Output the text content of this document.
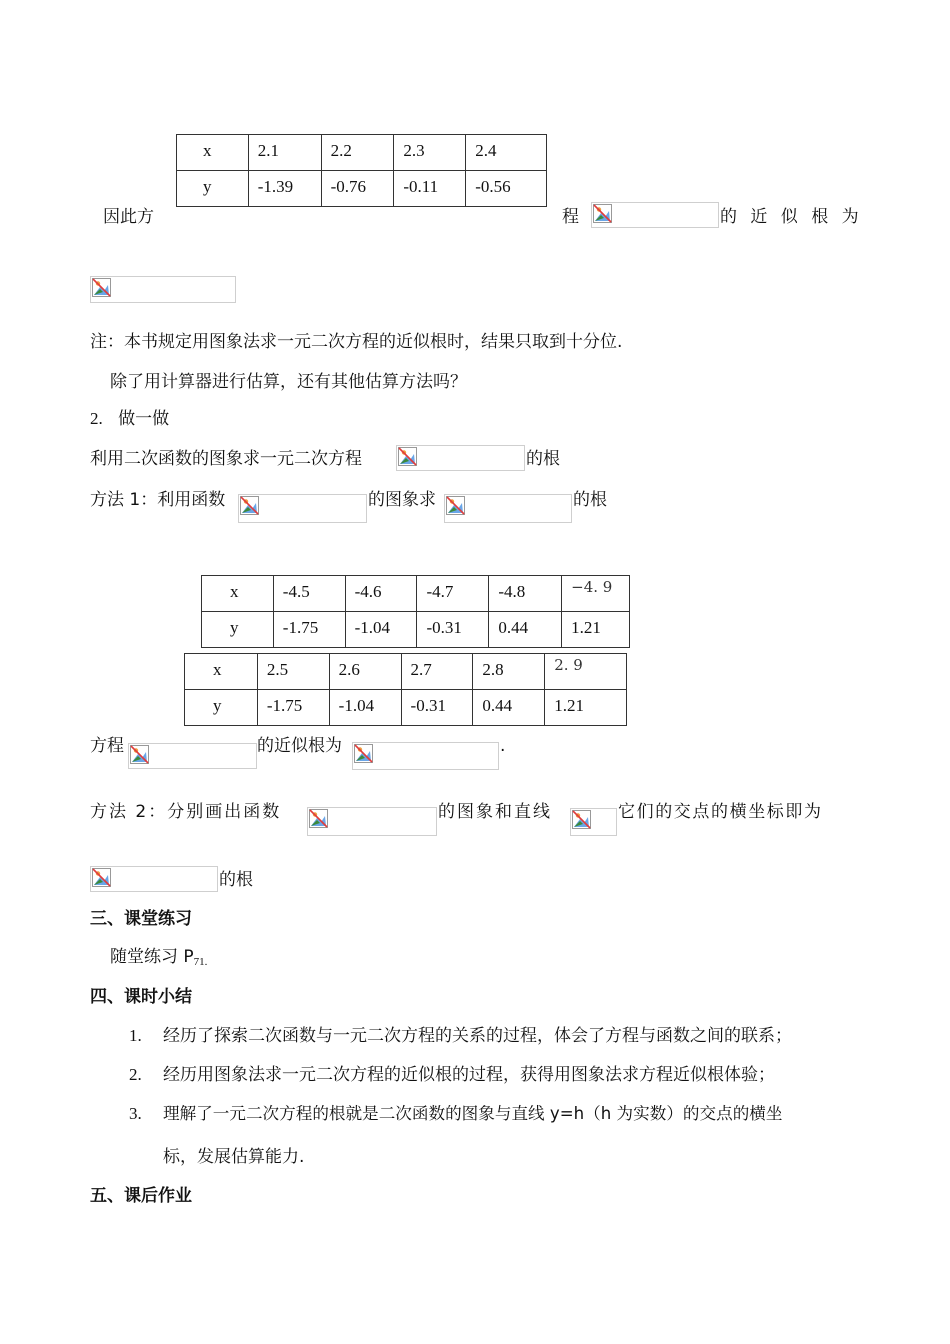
x	2.1	2.2	2.3	2.4
y	-1.39	-0.76	-0.11	-0.56
因此方	程	的 近 似 根 为
注：本书规定用图象法求一元二次方程的近似根时，结果只取到十分位.
除了用计算器进行估算，还有其他估算方法吗？
2. 做一做
利用二次函数的图象求一元二次方程	的根
方法 1：利用函数	的图象求	的根
x	-4.5	-4.6	-4.7	-4.8	−4. 9
y	-1.75	-1.04	-0.31	0.44	1.21
x	2.5	2.6	2.7	2.8	2. 9
y	-1.75	-1.04	-0.31	0.44	1.21
方程	的近似根为	.
方法 2：分别画出函数	的图象和直线	它们的交点的横坐标即为
的根
三、课堂练习
随堂练习 $P_{71.}$
四、课时小结
1. 经历了探索二次函数与一元二次方程的关系的过程，体会了方程与函数之间的联系；
2. 经历用图象法求一元二次方程的近似根的过程，获得用图象法求方程近似根体验；
3. 理解了一元二次方程的根就是二次函数的图象与直线 y=h（h 为实数）的交点的横坐
标，发展估算能力.
五、课后作业
